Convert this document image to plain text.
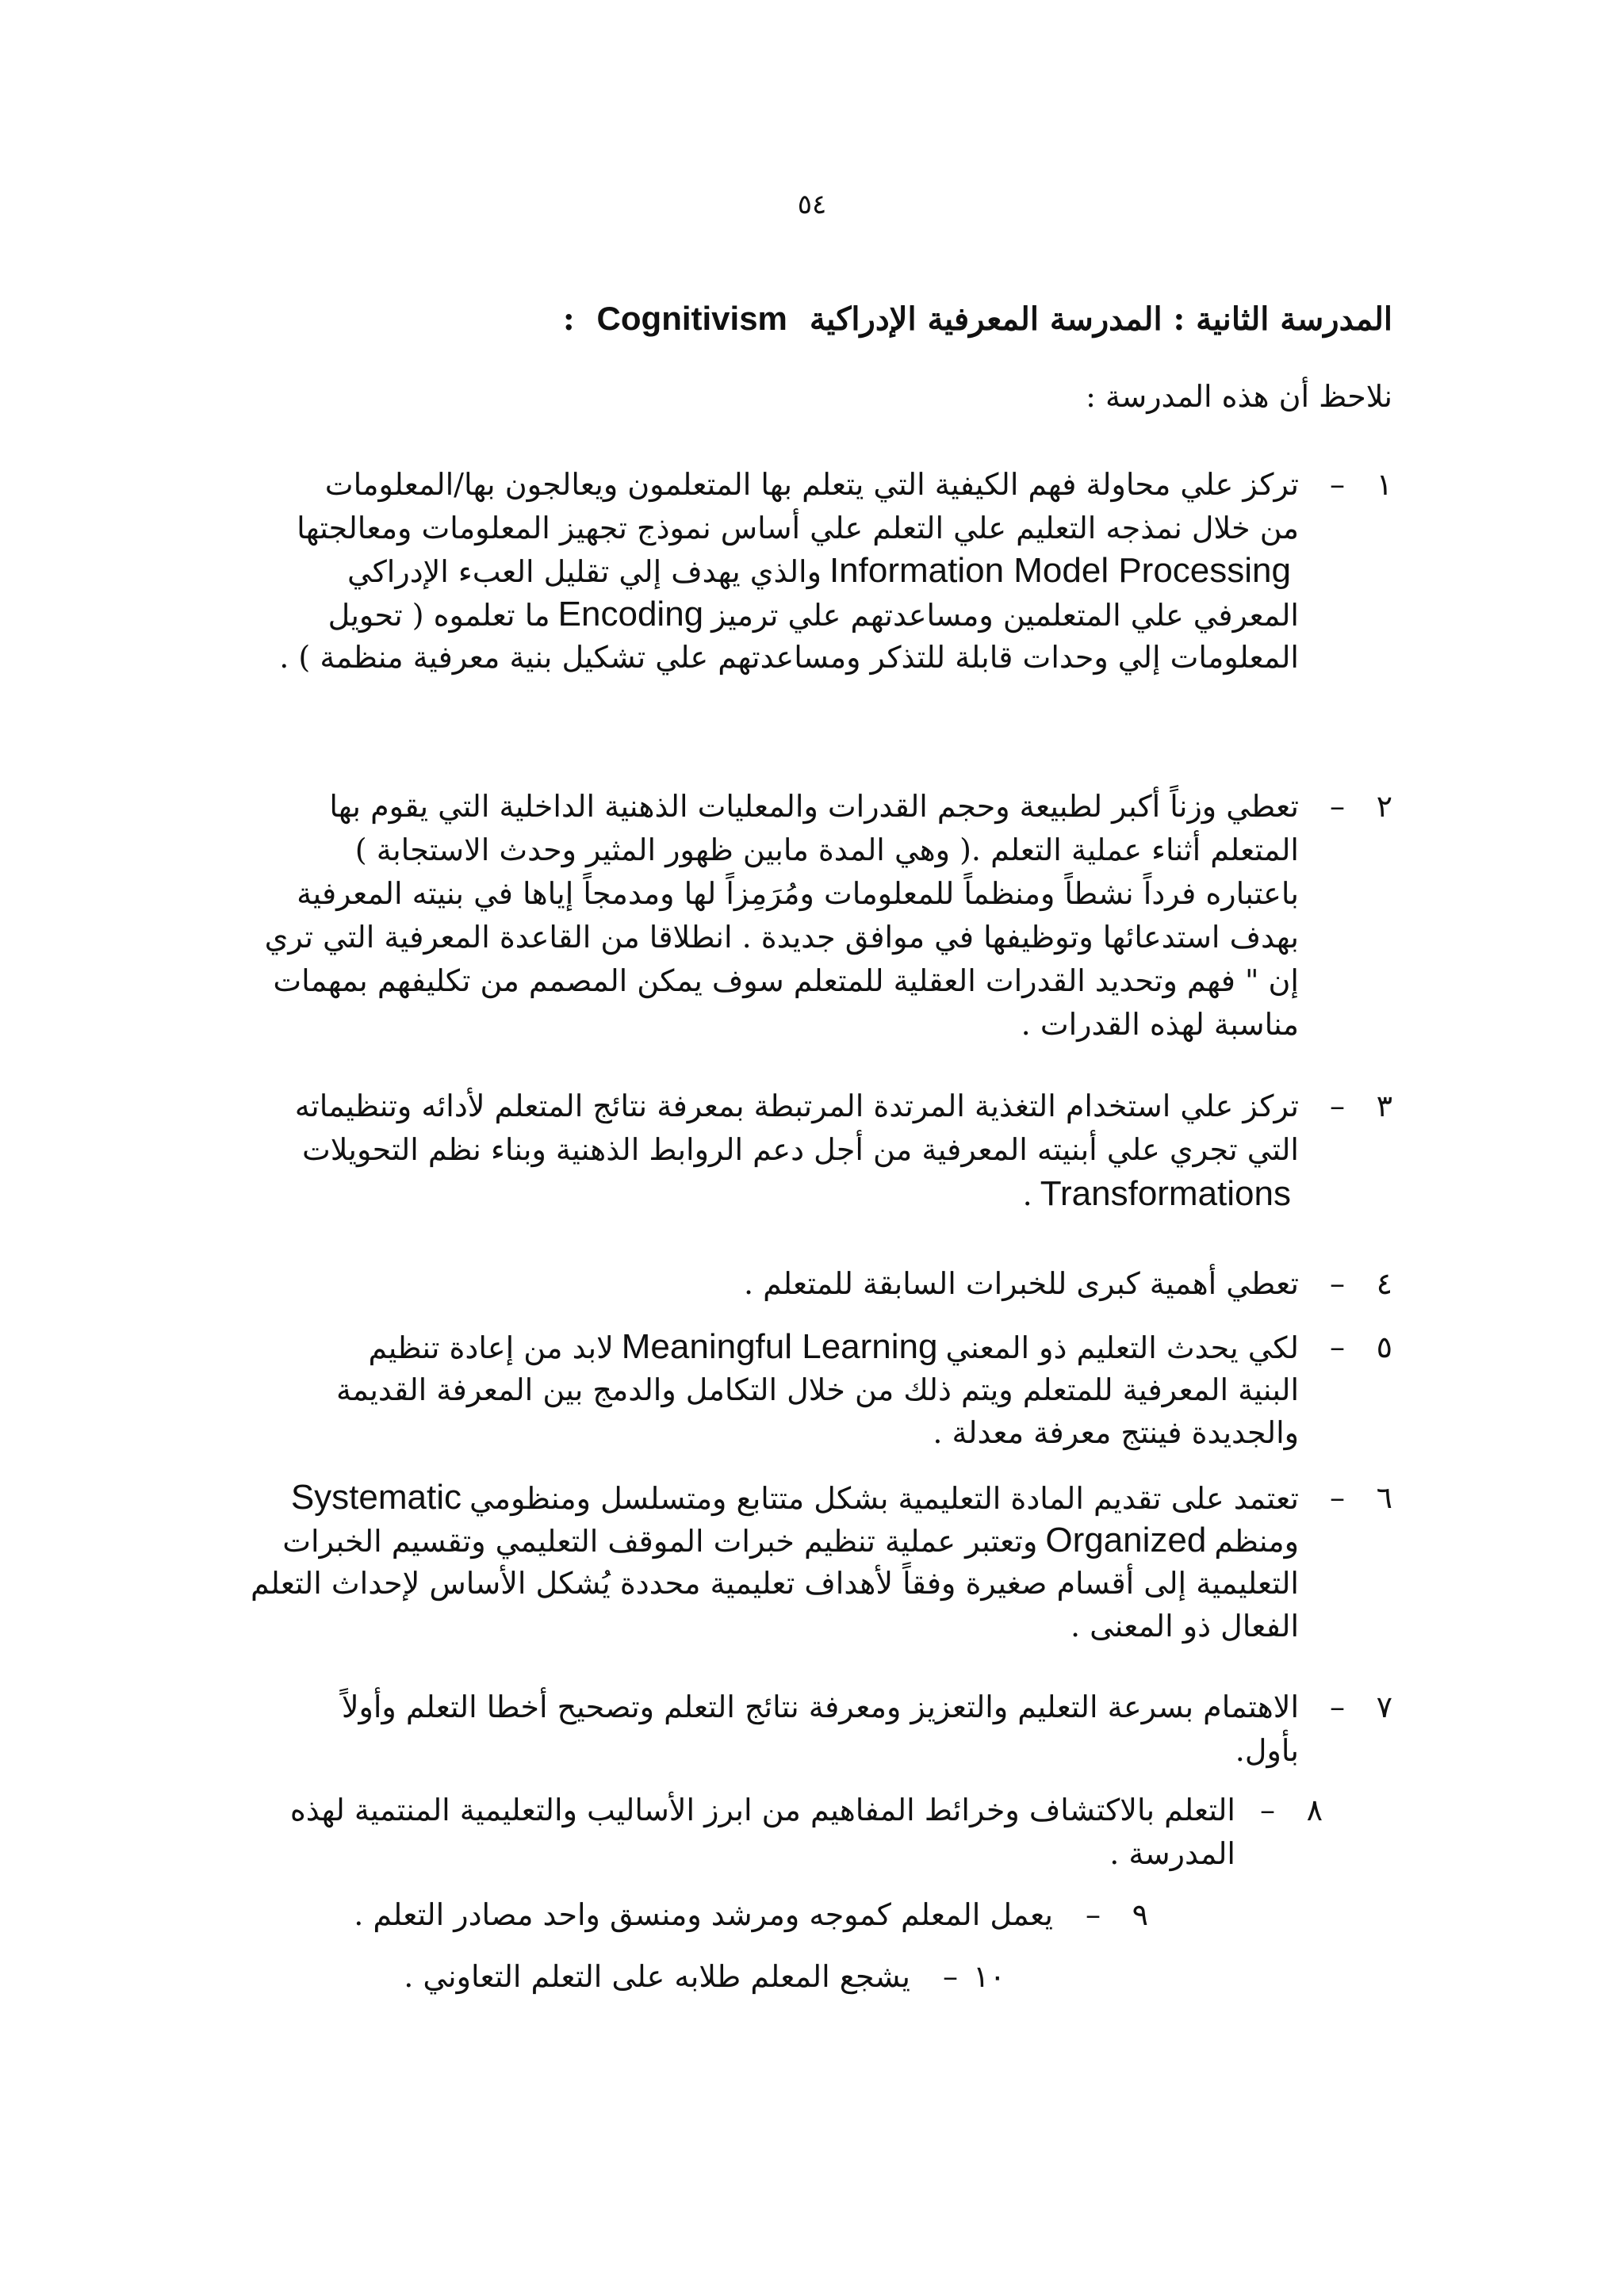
٥٤
المدرسة الثانية : المدرسة المعرفية الإدراكية Cognitivism :
نلاحظ أن هذه المدرسة :
١
–
تركز علي محاولة فهم الكيفية التي يتعلم بها المتعلمون ويعالجون بها/المعلومات
من خلال نمذجه التعليم علي التعلم علي أساس نموذج تجهيز المعلومات ومعالجتها
Information Model Processingوالذي يهدف إلي تقليل العبء الإدراكي
المعرفي علي المتعلمين ومساعدتهم علي ترميزEncodingما تعلموه ( تحويل
المعلومات إلي وحدات قابلة للتذكر ومساعدتهم علي تشكيل بنية معرفية منظمة ) .
٢
–
تعطي وزناً أكبر لطبيعة وحجم القدرات والمعليات الذهنية الداخلية التي يقوم بها
المتعلم أثناء عملية التعلم .( وهي المدة مابين ظهور المثير وحدث الاستجابة )
باعتباره فرداً نشطاً ومنظماً للمعلومات ومُرَمِزاً لها ومدمجاً إياها في بنيته المعرفية
بهدف استدعائها وتوظيفها في موافق جديدة . انطلاقا من القاعدة المعرفية التي تري
إن " فهم وتحديد القدرات العقلية للمتعلم سوف يمكن المصمم من تكليفهم بمهمات
مناسبة لهذه القدرات .
٣
–
تركز علي استخدام التغذية المرتدة المرتبطة بمعرفة نتائج المتعلم لأدائه وتنظيماته
التي تجري علي أبنيته المعرفية من أجل دعم الروابط الذهنية وبناء نظم التحويلات
Transformations.
٤
–
تعطي أهمية كبرى للخبرات السابقة للمتعلم .
٥
–
لكي يحدث التعليم ذو المعنيMeaningful Learningلابد من إعادة تنظيم
البنية المعرفية للمتعلم ويتم ذلك من خلال التكامل والدمج بين المعرفة القديمة
والجديدة فينتج معرفة معدلة .
٦
–
تعتمد على تقديم المادة التعليمية بشكل متتابع ومتسلسل ومنظوميSystematic
ومنظمOrganizedوتعتبر عملية تنظيم خبرات الموقف التعليمي وتقسيم الخبرات
التعليمية إلى أقسام صغيرة وفقاً لأهداف تعليمية محددة يُشكل الأساس لإحداث التعلم
الفعال ذو المعنى .
٧
–
الاهتمام بسرعة التعليم والتعزيز ومعرفة نتائج التعلم وتصحيح أخطا التعلم وأولاً
بأول.
٨
–
التعلم بالاكتشاف وخرائط المفاهيم من ابرز الأساليب والتعليمية المنتمية لهذه
المدرسة .
٩
–
يعمل المعلم كموجه ومرشد ومنسق واحد مصادر التعلم .
١٠
–
يشجع المعلم طلابه على التعلم التعاوني .
